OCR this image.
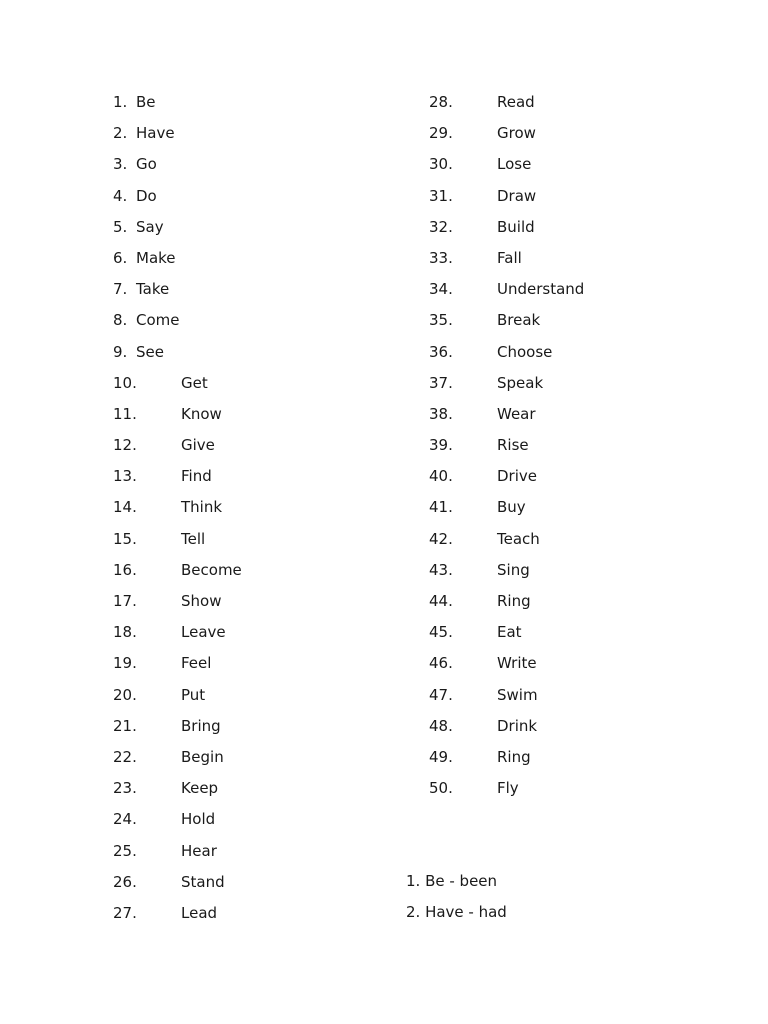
1. Be
2. Have
3. Go
4. Do
5. Say
6. Make
7. Take
8. Come
9. See
10.	Get
11.	Know
12.	Give
13.	Find
14.	Think
15.	Tell
16.	Become
17.	Show
18.	Leave
19.	Feel
20.	Put
21.	Bring
22.	Begin
23.	Keep
24.	Hold
25.	Hear
26.	Stand
27.	Lead
28.	Read
29.	Grow
30.	Lose
31.	Draw
32.	Build
33.	Fall
34.	Understand
35.	Break
36.	Choose
37.	Speak
38.	Wear
39.	Rise
40.	Drive
41.	Buy
42.	Teach
43.	Sing
44.	Ring
45.	Eat
46.	Write
47.	Swim
48.	Drink
49.	Ring
50.	Fly
1. Be - been
2. Have - had
